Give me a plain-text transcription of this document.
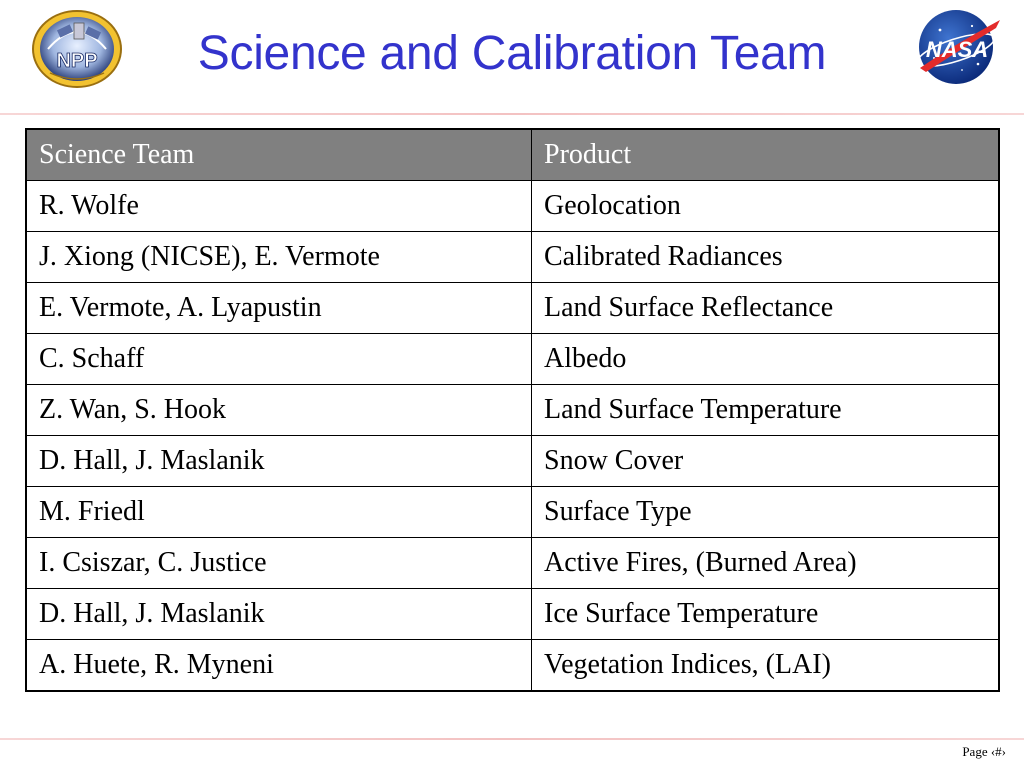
NPP	Science and Calibration Team	NASA
Science Team	Product
R. Wolfe	Geolocation
J. Xiong (NICSE), E. Vermote	Calibrated Radiances
E. Vermote, A. Lyapustin	Land Surface Reflectance
C. Schaff	Albedo
Z. Wan, S. Hook	Land Surface Temperature
D. Hall, J. Maslanik	Snow Cover
M. Friedl	Surface Type
I. Csiszar, C. Justice	Active Fires, (Burned Area)
D. Hall, J. Maslanik	Ice Surface Temperature
A. Huete, R. Myneni	Vegetation Indices, (LAI)
Page ‹#›
